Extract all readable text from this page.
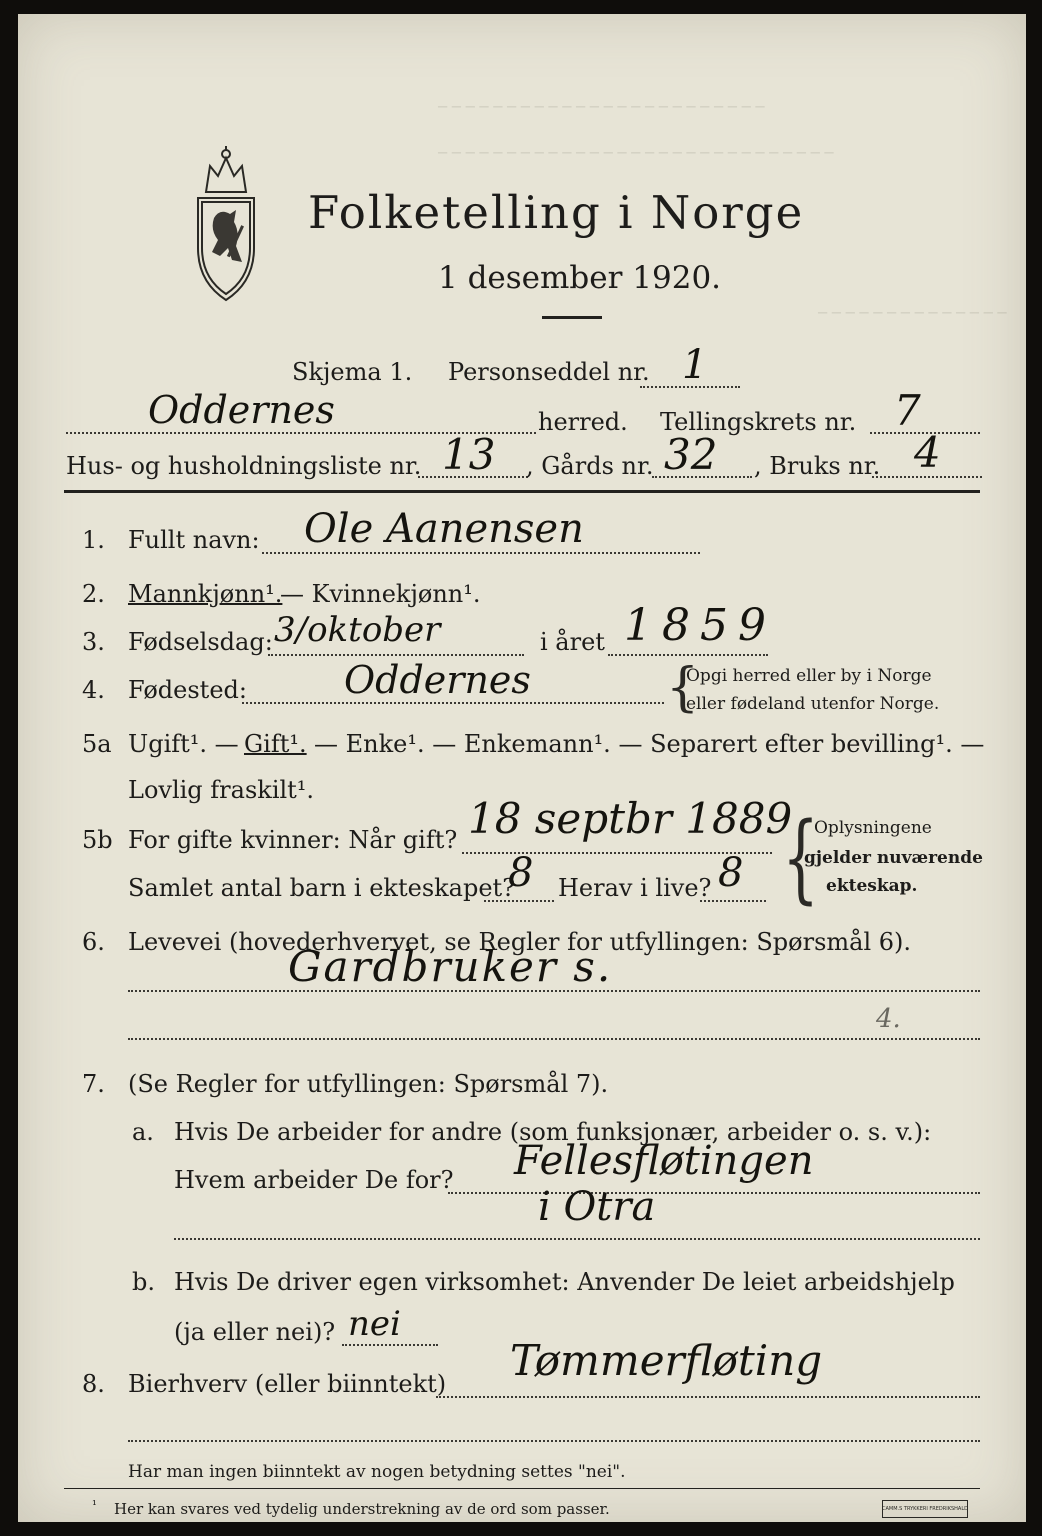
─ ─ ─ ─ ─ ─ ─ ─ ─ ─ ─ ─ ─ ─ ─ ─ ─ ─ ─ ─ ─ ─ ─ ─
─ ─ ─ ─ ─ ─ ─ ─ ─ ─ ─ ─ ─ ─ ─ ─ ─ ─ ─ ─ ─ ─ ─ ─ ─ ─ ─ ─ ─
─ ─ ─ ─ ─ ─ ─ ─ ─ ─ ─ ─ ─ ─
Folketelling i Norge
1 desember 1920.
Skjema 1. Personseddel nr. 1
Oddernes	herred. Tellingskrets nr. 7
Hus- og husholdningsliste nr. 13 , Gårds nr. 32 , Bruks nr. 4
1. Fullt navn: Ole Aanensen
2. Mannkjønn¹.
— Kvinnekjønn¹.
3. Fødselsdag: 3/oktober	i året 1859
4. Fødested:	Oddernes	{
Opgi herred eller by i Norge
eller fødeland utenfor Norge.
5a Ugift¹. — Gift¹. — Enke¹. — Enkemann¹. — Separert efter bevilling¹. —
Lovlig fraskilt¹.
5b For gifte kvinner: Når gift? 18 septbr 1889
Samlet antal barn i ekteskapet?
8 Herav i live? 8 {
Oplysningene
gjelder nuværende
ekteskap.
6. Levevei (hovederhvervet, se Regler for utfyllingen: Spørsmål 6).
Gardbruker s.
4.
7. (Se Regler for utfyllingen: Spørsmål 7).
a. Hvis De arbeider for andre (som funksjonær, arbeider o. s. v.):
Hvem arbeider De for? Fellesfløtingen
i Otra
b. Hvis De driver egen virksomhet: Anvender De leiet arbeidshjelp
(ja eller nei)? nei
8. Bierhverv (eller biinntekt) Tømmerfløting
Har man ingen biinntekt av nogen betydning settes "nei".
¹ Her kan svares ved tydelig understrekning av de ord som passer.	CAMM.S TRYKKERI FREDRIKSHALD
